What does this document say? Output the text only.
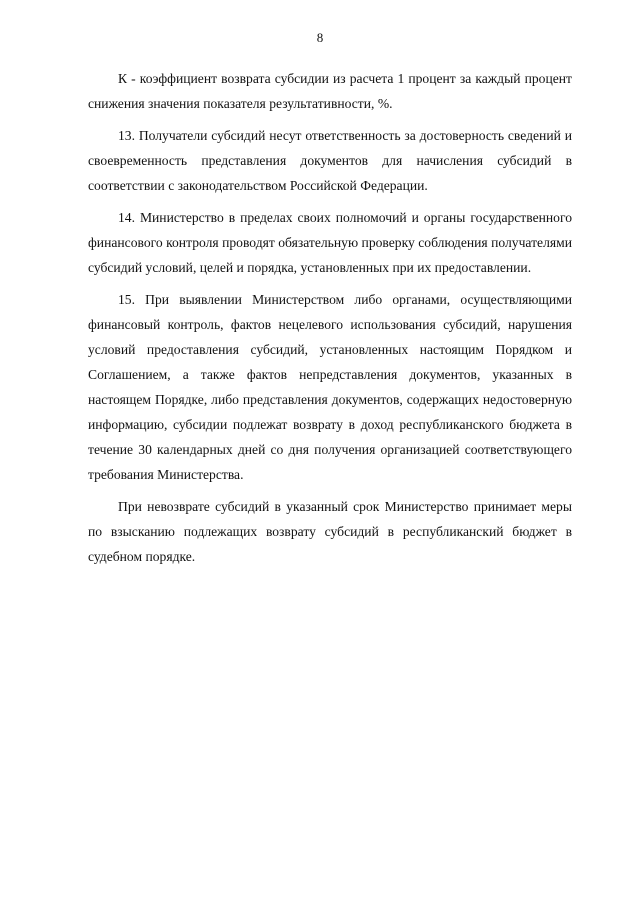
8

К - коэффициент возврата субсидии из расчета 1 процент за каждый процент снижения значения показателя результативности, %.

13. Получатели субсидий несут ответственность за достоверность сведений и своевременность представления документов для начисления субсидий в соответствии с законодательством Российской Федерации.

14. Министерство в пределах своих полномочий и органы государственного финансового контроля проводят обязательную проверку соблюдения получателями субсидий условий, целей и порядка, установленных при их предоставлении.

15. При выявлении Министерством либо органами, осуществляющими финансовый контроль, фактов нецелевого использования субсидий, нарушения условий предоставления субсидий, установленных настоящим Порядком и Соглашением, а также фактов непредставления документов, указанных в настоящем Порядке, либо представления документов, содержащих недостоверную информацию, субсидии подлежат возврату в доход республиканского бюджета в течение 30 календарных дней со дня получения организацией соответствующего требования Министерства.

При невозврате субсидий в указанный срок Министерство принимает меры по взысканию подлежащих возврату субсидий в республиканский бюджет в судебном порядке.
